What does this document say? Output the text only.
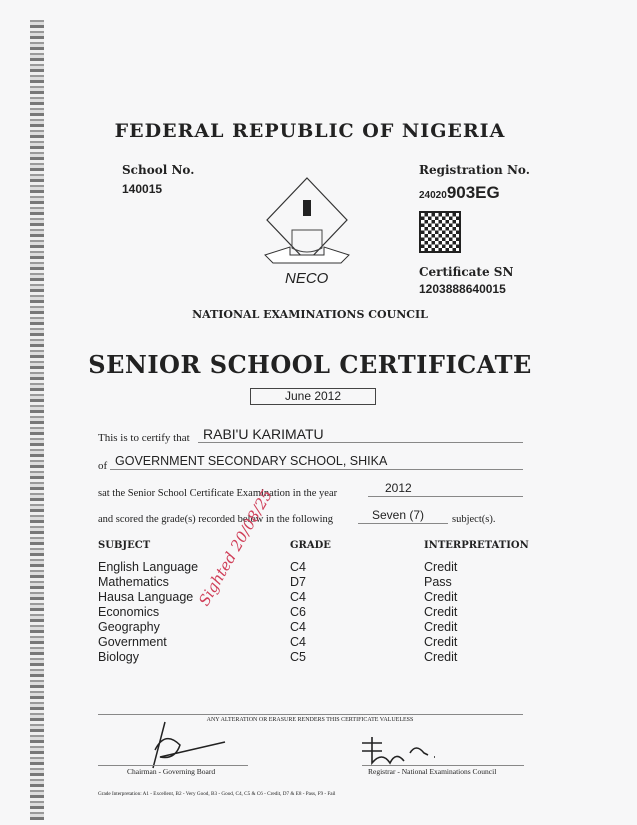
FEDERAL REPUBLIC OF NIGERIA
School No.
140015
Registration No.
24020903EG
Certificate SN
1203888640015
NECO
NATIONAL EXAMINATIONS COUNCIL
SENIOR SCHOOL CERTIFICATE
June 2012
This is to certify that RABI'U KARIMATU
of GOVERNMENT SECONDARY SCHOOL, SHIKA
sat the Senior School Certificate Examination in the year	2012
and scored the grade(s) recorded below in the following	Seven (7)	subject(s).
SUBJECT	GRADE	INTERPRETATION
English Language	C4	Credit
Mathematics	D7	Pass
Hausa Language	C4	Credit
Economics	C6	Credit
Geography	C4	Credit
Government	C4	Credit
Biology	C5	Credit
Sighted 20/08/25
ANY ALTERATION OR ERASURE RENDERS THIS CERTIFICATE VALUELESS
Chairman - Governing Board	Registrar - National Examinations Council
Grade Interpretation: A1 - Excellent, B2 - Very Good, B3 - Good, C4, C5 & C6 - Credit, D7 & E8 - Pass, F9 - Fail
